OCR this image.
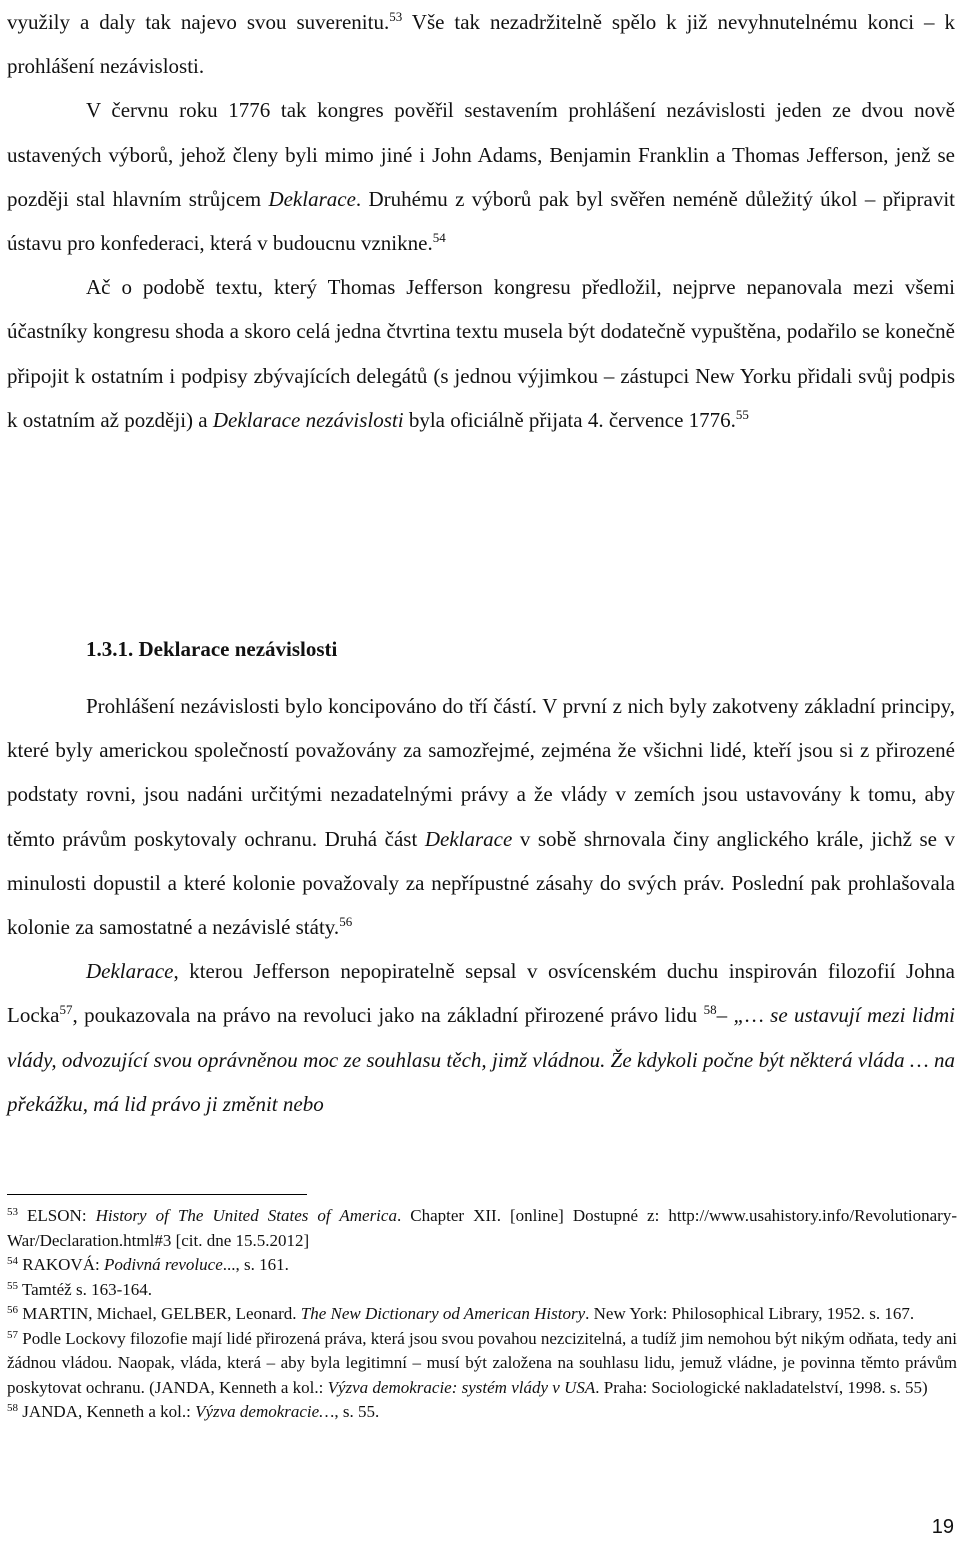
využily a daly tak najevo svou suverenitu.$^{53}$ Vše tak nezadržitelně spělo k již nevyhnutelnému konci – k prohlášení nezávislosti.

V červnu roku 1776 tak kongres pověřil sestavením prohlášení nezávislosti jeden ze dvou nově ustavených výborů, jehož členy byli mimo jiné i John Adams, Benjamin Franklin a Thomas Jefferson, jenž se později stal hlavním strůjcem Deklarace. Druhému z výborů pak byl svěřen neméně důležitý úkol – připravit ústavu pro konfederaci, která v budoucnu vznikne.$^{54}$

Ač o podobě textu, který Thomas Jefferson kongresu předložil, nejprve nepanovala mezi všemi účastníky kongresu shoda a skoro celá jedna čtvrtina textu musela být dodatečně vypuštěna, podařilo se konečně připojit k ostatním i podpisy zbývajících delegátů (s jednou výjimkou – zástupci New Yorku přidali svůj podpis k ostatním až později) a Deklarace nezávislosti byla oficiálně přijata 4. července 1776.55

1.3.1. Deklarace nezávislosti

Prohlášení nezávislosti bylo koncipováno do tří částí. V první z nich byly zakotveny základní principy, které byly americkou společností považovány za samozřejmé, zejména že všichni lidé, kteří jsou si z přirozené podstaty rovni, jsou nadáni určitými nezadatelnými právy a že vlády v zemích jsou ustavovány k tomu, aby těmto právům poskytovaly ochranu. Druhá část Deklarace v sobě shrnovala činy anglického krále, jichž se v minulosti dopustil a které kolonie považovaly za nepřípustné zásahy do svých práv. Poslední pak prohlašovala kolonie za samostatné a nezávislé státy.$^{56}$

Deklarace, kterou Jefferson nepopiratelně sepsal v osvícenském duchu inspirován filozofií Johna Locka$^{57}$, poukazovala na právo na revoluci jako na základní přirozené právo lidu $^{58}$– „… se ustavují mezi lidmi vlády, odvozující svou oprávněnou moc ze souhlasu těch, jimž vládnou. Že kdykoli počne být některá vláda … na překážku, má lid právo ji změnit nebo

$^{53}$ ELSON: History of The United States of America. Chapter XII. [online] Dostupné z: http://www.usahistory.info/Revolutionary-War/Declaration.html#3 [cit. dne 15.5.2012]

$^{54}$ RAKOVÁ: Podivná revoluce..., s. 161.

$^{55}$ Tamtéž s. 163-164.

$^{56}$ MARTIN, Michael, GELBER, Leonard. The New Dictionary od American History. New York: Philosophical Library, 1952. s. 167.

$^{57}$ Podle Lockovy filozofie mají lidé přirozená práva, která jsou svou povahou nezcizitelná, a tudíž jim nemohou být nikým odňata, tedy ani žádnou vládou. Naopak, vláda, která – aby byla legitimní – musí být založena na souhlasu lidu, jemuž vládne, je povinna těmto právům poskytovat ochranu. (JANDA, Kenneth a kol.: Výzva demokracie: systém vlády v USA. Praha: Sociologické nakladatelství, 1998. s. 55)

$^{58}$ JANDA, Kenneth a kol.: Výzva demokracie…, s. 55.

19
